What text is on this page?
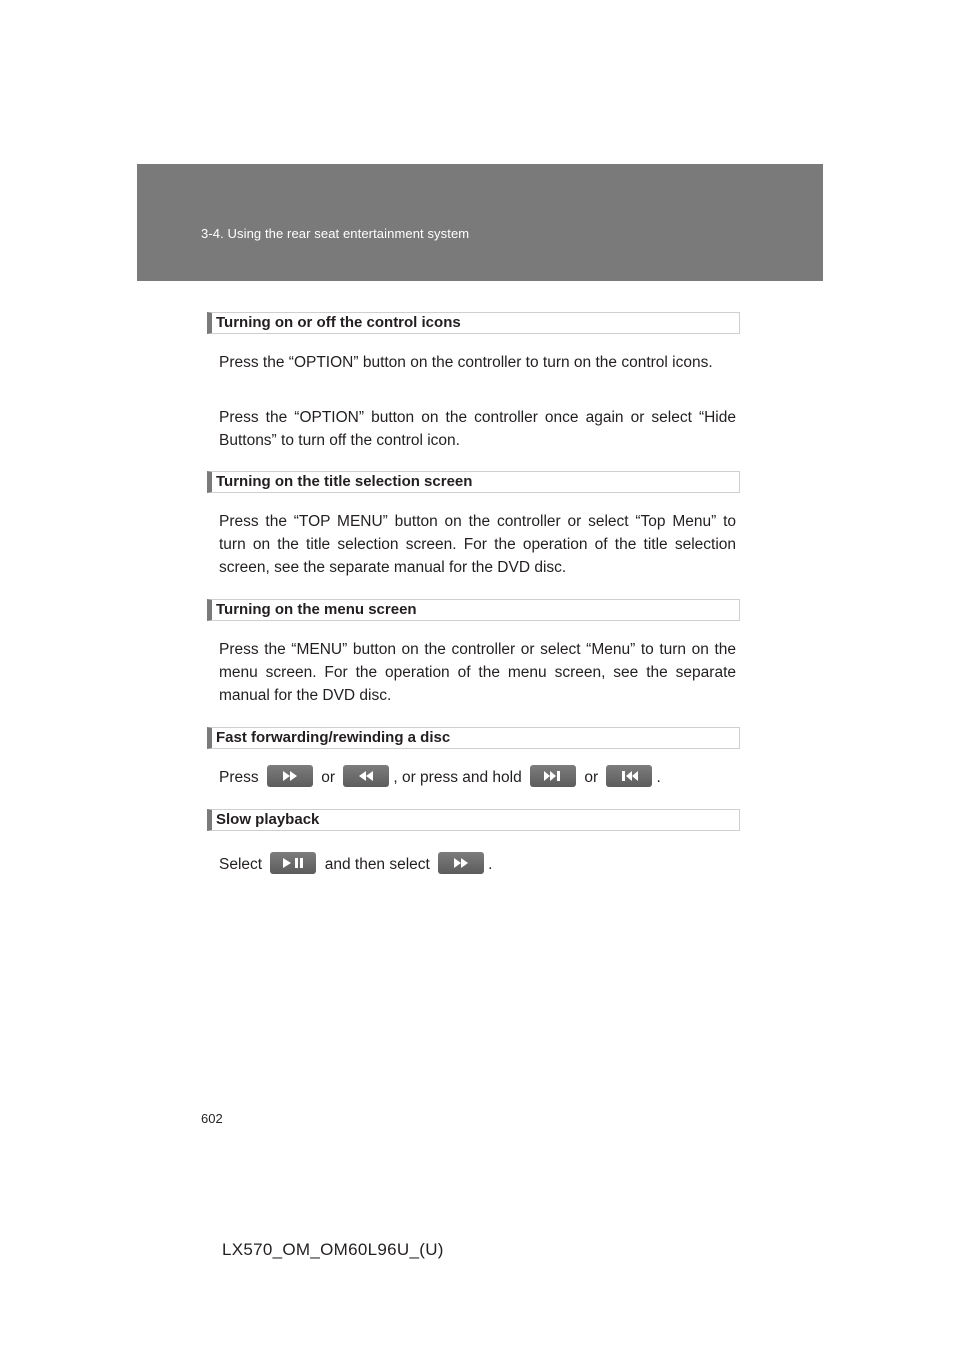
3-4. Using the rear seat entertainment system
Turning on or off the control icons

Press the “OPTION” button on the controller to turn on the control icons.

Press the “OPTION” button on the controller once again or select “Hide Buttons” to turn off the control icon.

Turning on the title selection screen

Press the “TOP MENU” button on the controller or select “Top Menu” to turn on the title selection screen. For the operation of the title selection screen, see the separate manual for the DVD disc.

Turning on the menu screen

Press the “MENU” button on the controller or select “Menu” to turn on the menu screen. For the operation of the menu screen, see the separate manual for the DVD disc.

Fast forwarding/rewinding a disc
Press	or	, or press and hold	or	.
Slow playback
Select	and then select	.
602
LX570_OM_OM60L96U_(U)
